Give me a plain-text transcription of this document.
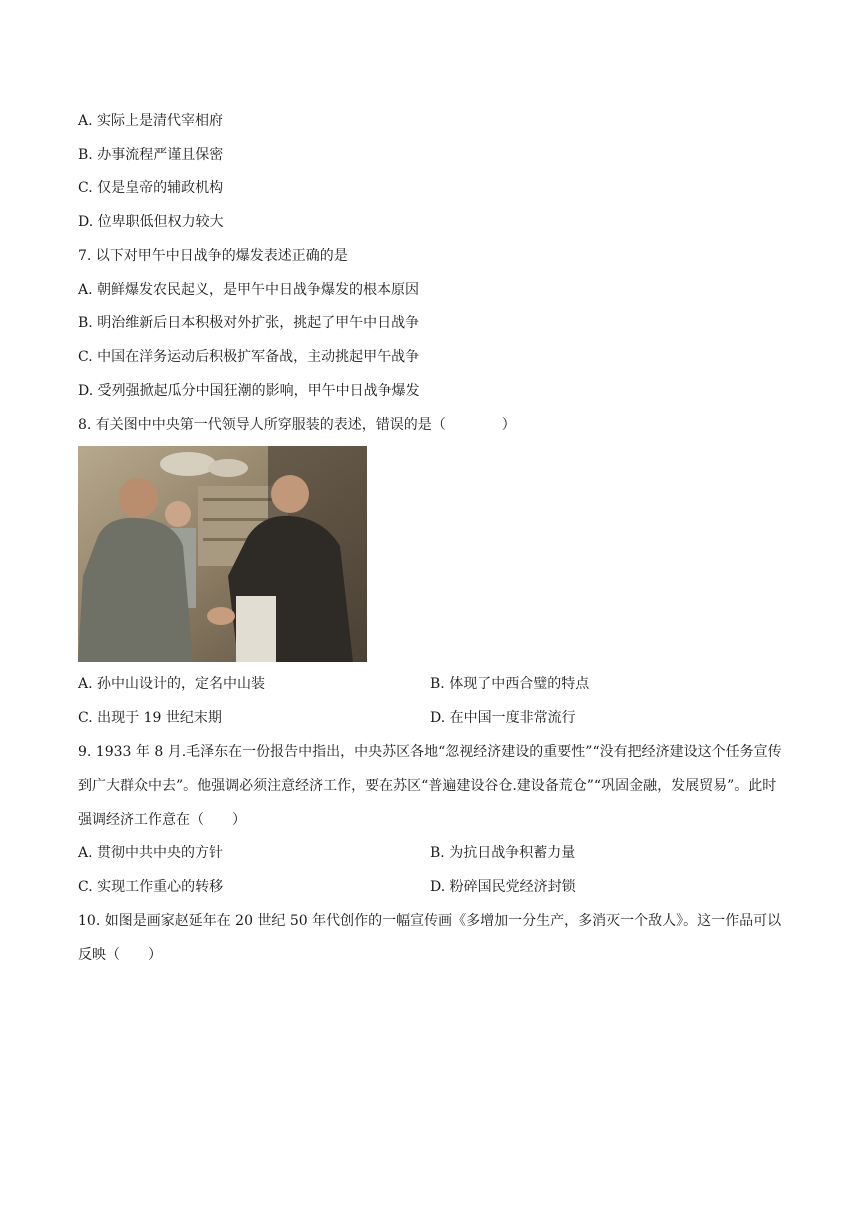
A. 实际上是清代宰相府
B. 办事流程严谨且保密
C. 仅是皇帝的辅政机构
D. 位卑职低但权力较大
7. 以下对甲午中日战争的爆发表述正确的是
A. 朝鲜爆发农民起义，是甲午中日战争爆发的根本原因
B. 明治维新后日本积极对外扩张，挑起了甲午中日战争
C. 中国在洋务运动后积极扩军备战，主动挑起甲午战争
D. 受列强掀起瓜分中国狂潮的影响，甲午中日战争爆发
8. 有关图中中央第一代领导人所穿服装的表述，错误的是（　　　　）
A. 孙中山设计的，定名中山装	B. 体现了中西合璧的特点
C. 出现于 19 世纪末期	D. 在中国一度非常流行
9. 1933 年 8 月.毛泽东在一份报告中指出，中央苏区各地“忽视经济建设的重要性”“没有把经济建设这个任务宣传到广大群众中去”。他强调必须注意经济工作，要在苏区“普遍建设谷仓.建设备荒仓”“巩固金融，发展贸易”。此时强调经济工作意在（　　）
A. 贯彻中共中央的方针	B. 为抗日战争积蓄力量
C. 实现工作重心的转移	D. 粉碎国民党经济封锁
10. 如图是画家赵延年在 20 世纪 50 年代创作的一幅宣传画《多增加一分生产，多消灭一个敌人》。这一作品可以反映（　　）
